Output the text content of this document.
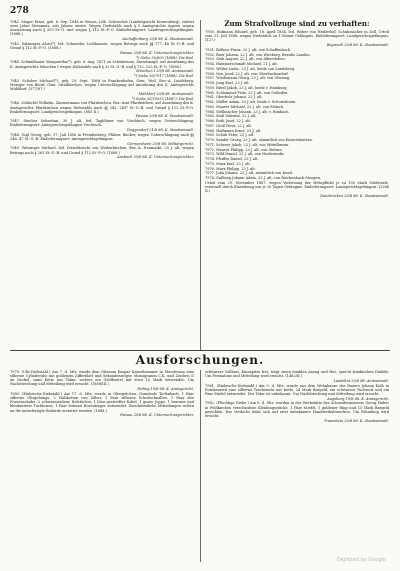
278

7942. Mager Ernst, geb. 6. Sep. 1848 in Wenns, Ldh. Schwechat (Landstgericht Korneuburg), zuletzt zwei Jahre Steinmetz, seit Jahren unstet. Wegen Diebstahls nach § 5 Amtsgerichts Aspern wegen Ausweisung nach § 303 St.-G. und wegen § 112 St.-P.-O. Einlieferungsort: Landesgerichtsgefängnis. (1888.)

Aschaffenburg 20/8 88. K. Staatsanwalt.

7943. Salzmayer Alois(*), led. Schneider, Leibhausen, wegen Betrugs nach §§ 177, 48 St.-G.-B. und Grund § 112 St.-P.-O. (1888.)

Passau 20/8 88. K. Untersuchungsrichter.

*) Siehe 50/605 (1888). Die Red.

7944. Schmidbauer Margaretha(*), geb. 8. Aug. 1871 zu Schönbrunn, Dienstmagd, auf Anordnung des K. Amtsgerichts München I wegen Diebstahls nach § 32 St.-G.-B. und § 112, 125 St.-P.-O. (1888.)

München I 20/8 88. Amtsanwalt.

*) Siehe 50/7917 (1888). Die Red.

7945. Schober Michael(*), geb. 29. Sept. 1868 in Frankenhofen, Gem. Weil, Bez.-A. Landsberg, Metzger von Beruf, Gem. Straßkirchen, wegen Unterschlagung auf Anordnung des K. Amtsgerichts Mühldorf. (377/87.)

Mühldorf 20/8 88. Amtsanwalt.

*) Siehe 50/10032 (1887). Die Red.

7946. Schlechtl Wilhelm, Zimmermann von Pfarrkirchen, Bez.-Amt Pfarrkirchen, auf Anordnung des K. Amtsgerichts Pfarrkirchen wegen Diebstahls nach §§ 242, 243* St.-G.-B. und Grund § 112 St.-P.-O. Einlieferungsort: Landgerichtsgefängnis. (883 II.)

Passau 20/8 88. K. Staatsanwalt.

7947. Stecher Sebastian, 30 J. alt, led. Taglöhner von Viechtach, wegen Unterschlagung. Einlieferungsort: Amtsgerichtsgefängnis Viechtach.

Deggendorf 21/8 88. K. Staatsanwalt.

7948. Vogl Georg, geb. 17. Juli 1856 in Freudenberg, Pfälzer, Bäcker, wegen Unterschlagung nach §§ 246, 47 St.-G.-B. Einlieferungsort: Amtsgerichtsgefängnis.

Germersheim 20/8 88. Militärgericht.

7949. Weizinger Michael, led. Dienstknecht von Weiherkirchen, Bez.-A. Neumarkt, 25 J. alt, wegen Betrugs nach § 263 St.-G.-B. und Grund § 112 St.-P.-O. (1888.)

Ansbach 20/8 88. K. Untersuchungsrichter.

Zum Strafvollzuge sind zu verhaften:

7950. Hofmann Eduard, geb. 18. April 1854, led. Weber von Weiherhof, Schuhmacher in Zell, Urteil vom 21. Juli 1888: wegen Diebstahls zu 1 Monat Gefängnis. Einlieferungsort: Landgerichtsgefängnis. (127.)

Bayreuth 20/8 88. K. Staatsanwalt.

7951. Rößner Franz, 23 J. alt, von Schaffenbach.

7952. Baer Johann, 22 J. alt, von Wirsberg, Bezirks Landau.

7953. Geib August, 22 J. alt, von Albersleben.

7954. Hammerschmidt Michael, 21 J. alt.

7955. Weller Ludw., 23 J. alt, beide von Landsberg.

7956. Neu Josef, 22 J. alt, von Oberbachendorf.

7957. Wiedemann Georg, 23 J. alt, von Obering.

7958. Jung Karl, 23 J. alt.

7959. Rittel Jakob, 23 J. alt, beide v. Hamburg.

7960. Schlemmer Fritz, 23 J. alt, von Osthofen.

7961. Oberholz Johann, 23 J. alt.

7962. Müller Adam, 23 J. alt, beide v. Schornsheim.

7963. Maurer Michael, 23 J. alt, von Erbach.

7964. Stellmacher Johann, 23 J. alt, v. Rimbach.

7965. Maß Valentin, 22 J. alt.

7966. Roth Josef, 22 J. alt.

7967. Groß Peter, 22 J. alt.

7968. Hoffmann Ernst, 23 J. alt.

7969. Schuh Peter, 23 J. alt.

7970. Sander Georg, 23 J. alt, sämmtlich von Kaiserslautern.

7971. Scherer Jakob, 22 J. alt, von Mittelbrunn.

7972. Meurer Philipp, 23 J. alt, von Stelzen.

7973. Wild Daniel, 23 J. alt, von Niedermohr.

7974. Pfeiffer Daniel, 23 J. alt.

7975. Marx Karl, 23 J. alt.

7976. Marx Philipp, 23 J. alt.

7977. John Johann, 23 J. alt, sämmtlich von Kusel.

7978. Gaßlang Johann Adam, 23 J. alt, von Reichenbach-Steegen.

Urteil vom 29. November 1887: wegen Verletzung der Wehrpflicht je zu 100 Mark Geldstrafe, eventuell durch Einziehung von je 20 Tagen Gefängnis. Einlieferungsort: Landgerichtsgefängnis. (2286 II.)

Zweibrücken 20/8 88. K. Staatsanwalt.

Ausforschungen.

7979. (Uhr-Diebstahl.) Am 7. d. Mts. wurde dem Ökonom Kaspar Kaiserhammer in Moosbrunn eine silberne Cylinderuhr mit goldenem Zifferblatt und Sekundenzeiger, Monogramm C.K. und Zeichen D im Deckel, samt Kette aus Talmi, weiters ein Geldbeutel mit etwa 10 Mark entwendet. Um Nachforschung und Mitteilung wird ersucht. (1888/III.)

Erding 19/8 88. K. Amtsgericht.

7980. (Einbruchs-Diebstahl.) Am 17. d. Mts. wurde in Oberpelchen, Gemeinde Tiefenbach, 1 Paar silberne Ohrgehänge, 2 Halsketten von Silber, 1 Paar silberne Schuhschnallen, 1 Paar alte Frauenschuhe, 2 schwarzseidene Halstücher, 1 blau gestreifter Kittel, 1 graue Joppe, 1 braunes und blaukarierte Tuchhosen, 1 Paar lederne Hosenträger entwendet. Zweckdienliche Mitteilungen wollen an die unterfertigte Behörde erstattet werden. (1888.)

Passau 20/8 88. K. Untersuchungsrichter.

schwarzer Vollbart, Kinnspitze frei; trägt einen dunklen Anzug und Hut; spricht fränkischen Dialekt. Um Festnahme und Mitteilung wird ersucht. (1482/II.)

Landshut 20/8 88. Amtsanwalt.

7981. (Einbruchs-Diebstahl.) Am 9. d. Mts. wurde aus dem Wohnhause des Bauers Johann Kolb in Frankenried eine silberne Taschenuhr mit Kette, 24 Mark Bargeld, ein schwarzer Tuchrock und ein Paar Stiefel entwendet. Der Täter ist unbekannt. Um Nachforschung und Mitteilung wird ersucht.

Augsburg 19/8 88. K. Amtsgericht.

7982. (Flüchtige Diebe.) Am 9. d. Mts. wurden in der Werkstätte des Schneidermeisters Georg Huber in Feldkirchen verschiedene Kleidungsstücke, 1 Paar Stiefel, 1 goldener Ring und 15 Mark Bargeld gestohlen. Der Verdacht lenkt sich auf zwei unbekannte Handwerksburschen. Um Fahndung wird ersucht.

Traunstein 20/8 88. K. Staatsanwalt.

Digitized by Google
